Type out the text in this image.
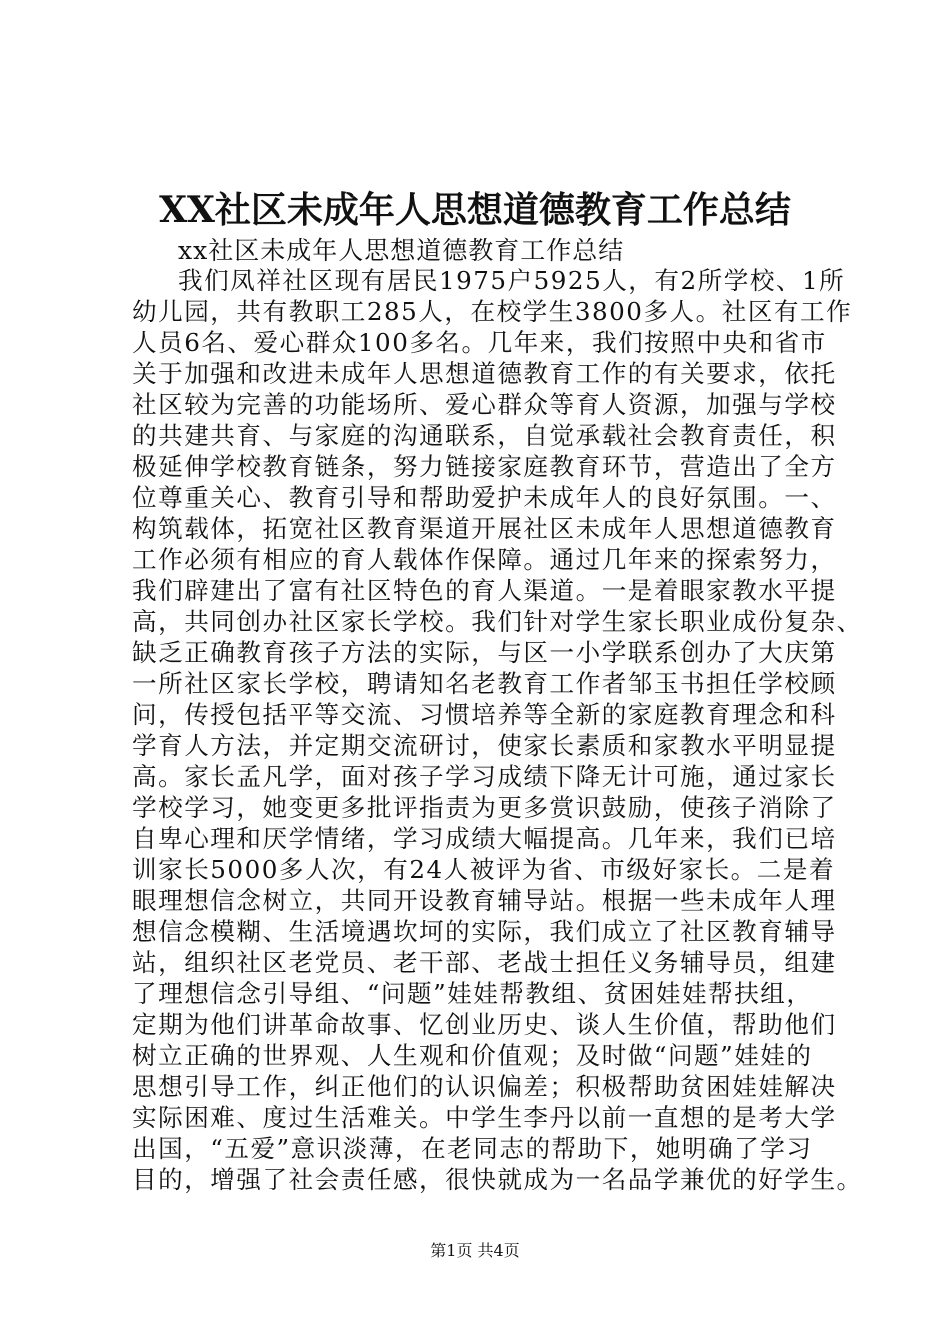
XX社区未成年人思想道德教育工作总结

xx社区未成年人思想道德教育工作总结

我们凤祥社区现有居民1975户5925人，有2所学校、1所
幼儿园，共有教职工285人，在校学生3800多人。社区有工作
人员6名、爱心群众100多名。几年来，我们按照中央和省市
关于加强和改进未成年人思想道德教育工作的有关要求，依托
社区较为完善的功能场所、爱心群众等育人资源，加强与学校
的共建共育、与家庭的沟通联系，自觉承载社会教育责任，积
极延伸学校教育链条，努力链接家庭教育环节，营造出了全方
位尊重关心、教育引导和帮助爱护未成年人的良好氛围。一、
构筑载体，拓宽社区教育渠道开展社区未成年人思想道德教育
工作必须有相应的育人载体作保障。通过几年来的探索努力，
我们辟建出了富有社区特色的育人渠道。一是着眼家教水平提
高，共同创办社区家长学校。我们针对学生家长职业成份复杂、
缺乏正确教育孩子方法的实际，与区一小学联系创办了大庆第
一所社区家长学校，聘请知名老教育工作者邹玉书担任学校顾
问，传授包括平等交流、习惯培养等全新的家庭教育理念和科
学育人方法，并定期交流研讨，使家长素质和家教水平明显提
高。家长孟凡学，面对孩子学习成绩下降无计可施，通过家长
学校学习，她变更多批评指责为更多赏识鼓励，使孩子消除了
自卑心理和厌学情绪，学习成绩大幅提高。几年来，我们已培
训家长5000多人次，有24人被评为省、市级好家长。二是着
眼理想信念树立，共同开设教育辅导站。根据一些未成年人理
想信念模糊、生活境遇坎坷的实际，我们成立了社区教育辅导
站，组织社区老党员、老干部、老战士担任义务辅导员，组建
了理想信念引导组、“问题”娃娃帮教组、贫困娃娃帮扶组，
定期为他们讲革命故事、忆创业历史、谈人生价值，帮助他们
树立正确的世界观、人生观和价值观；及时做“问题”娃娃的
思想引导工作，纠正他们的认识偏差；积极帮助贫困娃娃解决
实际困难、度过生活难关。中学生李丹以前一直想的是考大学
出国，“五爱”意识淡薄，在老同志的帮助下，她明确了学习
目的，增强了社会责任感，很快就成为一名品学兼优的好学生。

第1页 共4页
